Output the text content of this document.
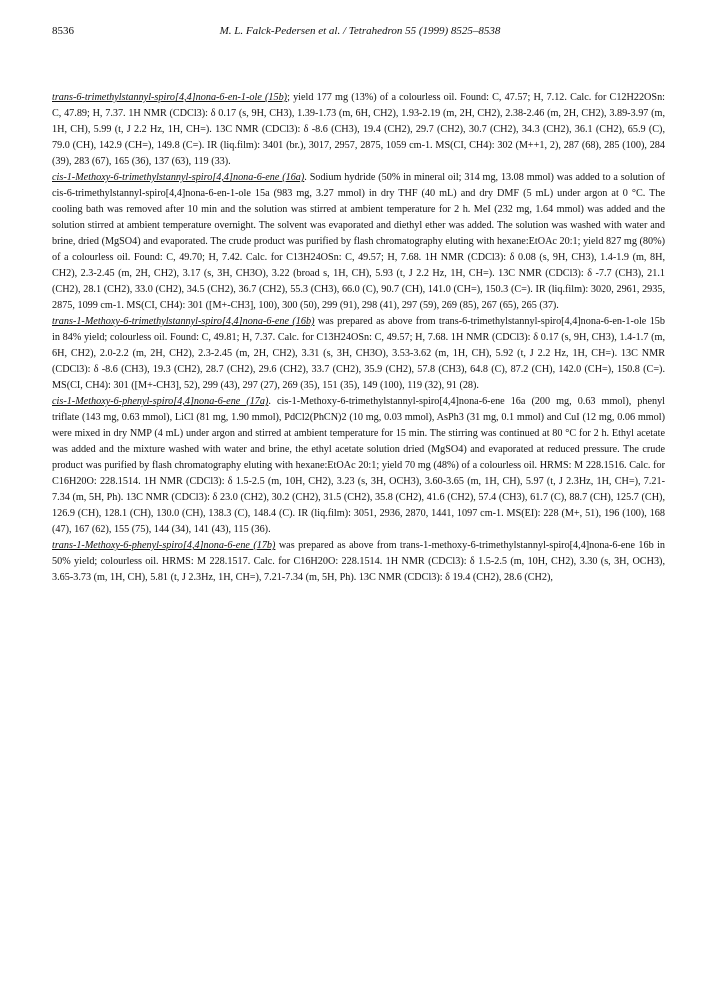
8536	M. L. Falck-Pedersen et al. / Tetrahedron 55 (1999) 8525–8538

trans-6-trimethylstannyl-spiro[4,4]nona-6-en-1-ole (15b); yield 177 mg (13%) of a colourless oil. Found: C, 47.57; H, 7.12. Calc. for C12H22OSn: C, 47.89; H, 7.37. 1H NMR (CDCl3): δ 0.17 (s, 9H, CH3), 1.39-1.73 (m, 6H, CH2), 1.93-2.19 (m, 2H, CH2), 2.38-2.46 (m, 2H, CH2), 3.89-3.97 (m, 1H, CH), 5.99 (t, J 2.2 Hz, 1H, CH=). 13C NMR (CDCl3): δ -8.6 (CH3), 19.4 (CH2), 29.7 (CH2), 30.7 (CH2), 34.3 (CH2), 36.1 (CH2), 65.9 (C), 79.0 (CH), 142.9 (CH=), 149.8 (C=). IR (liq.film): 3401 (br.), 3017, 2957, 2875, 1059 cm-1. MS(CI, CH4): 302 (M++1, 2), 287 (68), 285 (100), 284 (39), 283 (67), 165 (36), 137 (63), 119 (33).

cis-1-Methoxy-6-trimethylstannyl-spiro[4,4]nona-6-ene (16a). Sodium hydride (50% in mineral oil; 314 mg, 13.08 mmol) was added to a solution of cis-6-trimethylstannyl-spiro[4,4]nona-6-en-1-ole 15a (983 mg, 3.27 mmol) in dry THF (40 mL) and dry DMF (5 mL) under argon at 0 °C. The cooling bath was removed after 10 min and the solution was stirred at ambient temperature for 2 h. MeI (232 mg, 1.64 mmol) was added and the solution stirred at ambient temperature overnight. The solvent was evaporated and diethyl ether was added. The solution was washed with water and brine, dried (MgSO4) and evaporated. The crude product was purified by flash chromatography eluting with hexane:EtOAc 20:1; yield 827 mg (80%) of a colourless oil. Found: C, 49.70; H, 7.42. Calc. for C13H24OSn: C, 49.57; H, 7.68. 1H NMR (CDCl3): δ 0.08 (s, 9H, CH3), 1.4-1.9 (m, 8H, CH2), 2.3-2.45 (m, 2H, CH2), 3.17 (s, 3H, CH3O), 3.22 (broad s, 1H, CH), 5.93 (t, J 2.2 Hz, 1H, CH=). 13C NMR (CDCl3): δ -7.7 (CH3), 21.1 (CH2), 28.1 (CH2), 33.0 (CH2), 34.5 (CH2), 36.7 (CH2), 55.3 (CH3), 66.0 (C), 90.7 (CH), 141.0 (CH=), 150.3 (C=). IR (liq.film): 3020, 2961, 2935, 2875, 1099 cm-1. MS(CI, CH4): 301 ([M+-CH3], 100), 300 (50), 299 (91), 298 (41), 297 (59), 269 (85), 267 (65), 265 (37).

trans-1-Methoxy-6-trimethylstannyl-spiro[4,4]nona-6-ene (16b) was prepared as above from trans-6-trimethylstannyl-spiro[4,4]nona-6-en-1-ole 15b in 84% yield; colourless oil. Found: C, 49.81; H, 7.37. Calc. for C13H24OSn: C, 49.57; H, 7.68. 1H NMR (CDCl3): δ 0.17 (s, 9H, CH3), 1.4-1.7 (m, 6H, CH2), 2.0-2.2 (m, 2H, CH2), 2.3-2.45 (m, 2H, CH2), 3.31 (s, 3H, CH3O), 3.53-3.62 (m, 1H, CH), 5.92 (t, J 2.2 Hz, 1H, CH=). 13C NMR (CDCl3): δ -8.6 (CH3), 19.3 (CH2), 28.7 (CH2), 29.6 (CH2), 33.7 (CH2), 35.9 (CH2), 57.8 (CH3), 64.8 (C), 87.2 (CH), 142.0 (CH=), 150.8 (C=). MS(CI, CH4): 301 ([M+-CH3], 52), 299 (43), 297 (27), 269 (35), 151 (35), 149 (100), 119 (32), 91 (28).

cis-1-Methoxy-6-phenyl-spiro[4,4]nona-6-ene (17a). cis-1-Methoxy-6-trimethylstannyl-spiro[4,4]nona-6-ene 16a (200 mg, 0.63 mmol), phenyl triflate (143 mg, 0.63 mmol), LiCl (81 mg, 1.90 mmol), PdCl2(PhCN)2 (10 mg, 0.03 mmol), AsPh3 (31 mg, 0.1 mmol) and CuI (12 mg, 0.06 mmol) were mixed in dry NMP (4 mL) under argon and stirred at ambient temperature for 15 min. The stirring was continued at 80 °C for 2 h. Ethyl acetate was added and the mixture washed with water and brine, the ethyl acetate solution dried (MgSO4) and evaporated at reduced pressure. The crude product was purified by flash chromatography eluting with hexane:EtOAc 20:1; yield 70 mg (48%) of a colourless oil. HRMS: M 228.1516. Calc. for C16H20O: 228.1514. 1H NMR (CDCl3): δ 1.5-2.5 (m, 10H, CH2), 3.23 (s, 3H, OCH3), 3.60-3.65 (m, 1H, CH), 5.97 (t, J 2.3Hz, 1H, CH=), 7.21-7.34 (m, 5H, Ph). 13C NMR (CDCl3): δ 23.0 (CH2), 30.2 (CH2), 31.5 (CH2), 35.8 (CH2), 41.6 (CH2), 57.4 (CH3), 61.7 (C), 88.7 (CH), 125.7 (CH), 126.9 (CH), 128.1 (CH), 130.0 (CH), 138.3 (C), 148.4 (C). IR (liq.film): 3051, 2936, 2870, 1441, 1097 cm-1. MS(EI): 228 (M+, 51), 196 (100), 168 (47), 167 (62), 155 (75), 144 (34), 141 (43), 115 (36).

trans-1-Methoxy-6-phenyl-spiro[4,4]nona-6-ene (17b) was prepared as above from trans-1-methoxy-6-trimethylstannyl-spiro[4,4]nona-6-ene 16b in 50% yield; colourless oil. HRMS: M 228.1517. Calc. for C16H20O: 228.1514. 1H NMR (CDCl3): δ 1.5-2.5 (m, 10H, CH2), 3.30 (s, 3H, OCH3), 3.65-3.73 (m, 1H, CH), 5.81 (t, J 2.3Hz, 1H, CH=), 7.21-7.34 (m, 5H, Ph). 13C NMR (CDCl3): δ 19.4 (CH2), 28.6 (CH2),
